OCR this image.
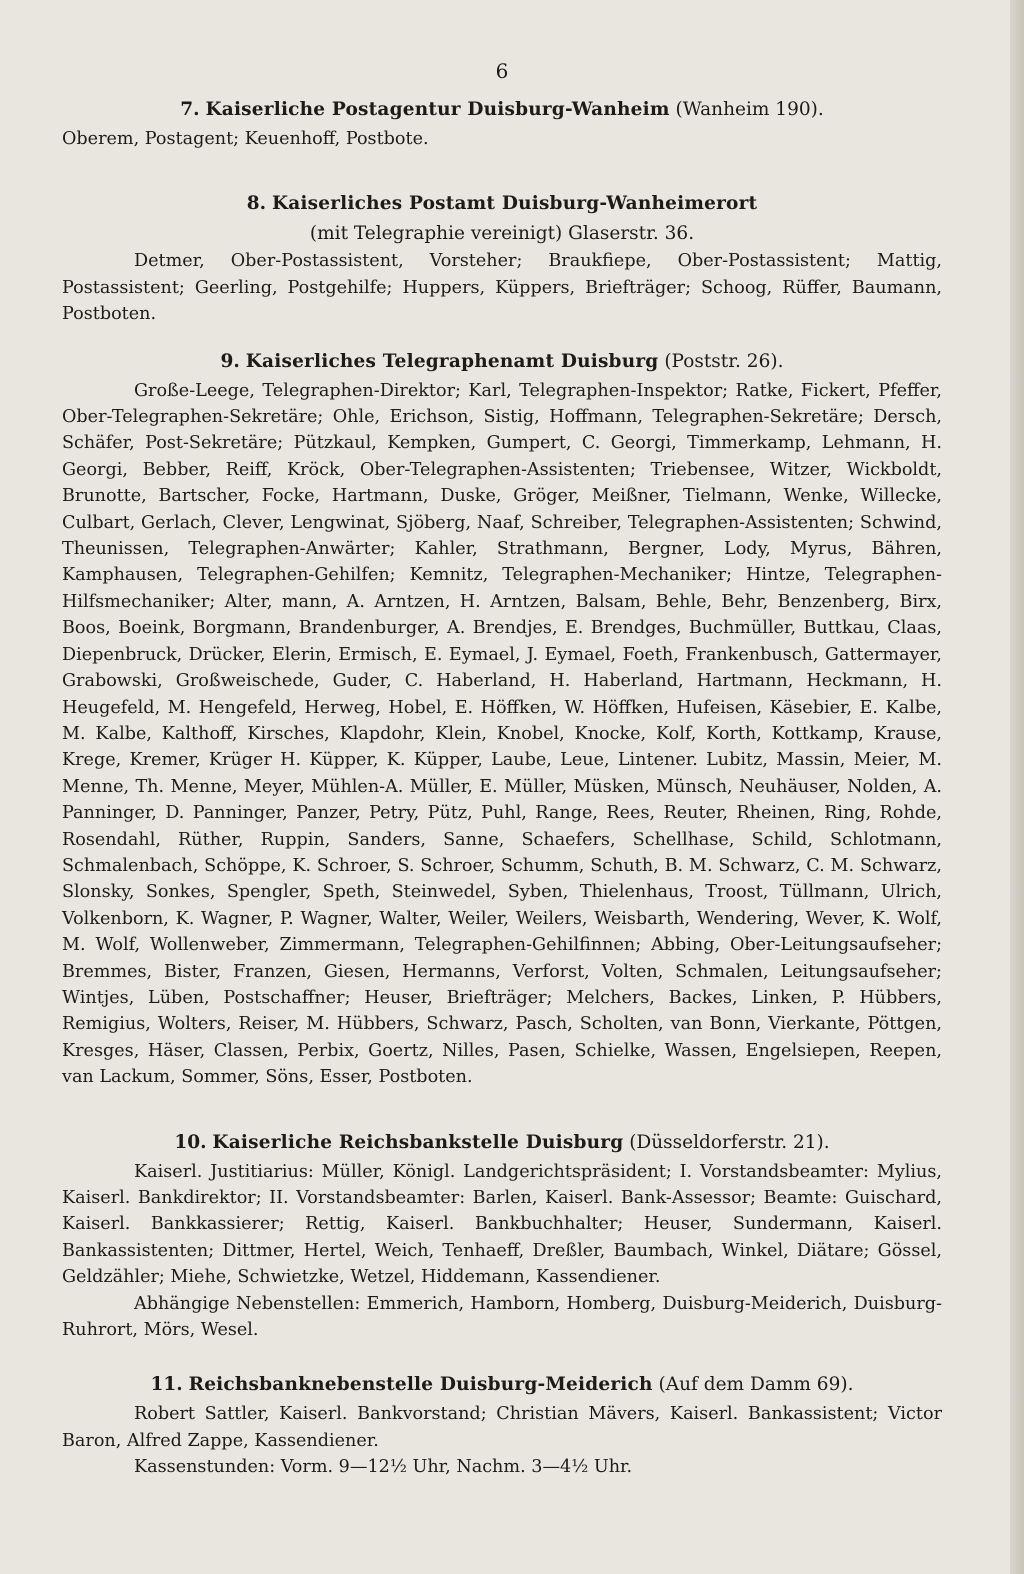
6

7. Kaiserliche Postagentur Duisburg-Wanheim (Wanheim 190).

Oberem, Postagent; Keuenhoff, Postbote.

8. Kaiserliches Postamt Duisburg-Wanheimerort

(mit Telegraphie vereinigt) Glaserstr. 36.

Detmer, Ober-Postassistent, Vorsteher; Braukfiepe, Ober-Postassistent; Mattig, Postassistent; Geerling, Postgehilfe; Huppers, Küppers, Briefträger; Schoog, Rüffer, Baumann, Postboten.

9. Kaiserliches Telegraphenamt Duisburg (Poststr. 26).

Große-Leege, Telegraphen-Direktor; Karl, Telegraphen-Inspektor; Ratke, Fickert, Pfeffer, Ober-Telegraphen-Sekretäre; Ohle, Erichson, Sistig, Hoffmann, Telegraphen-Sekretäre; Dersch, Schäfer, Post-Sekretäre; Pützkaul, Kempken, Gumpert, C. Georgi, Timmerkamp, Lehmann, H. Georgi, Bebber, Reiff, Kröck, Ober-Telegraphen-Assistenten; Triebensee, Witzer, Wickboldt, Brunotte, Bartscher, Focke, Hartmann, Duske, Gröger, Meißner, Tielmann, Wenke, Willecke, Culbart, Gerlach, Clever, Lengwinat, Sjöberg, Naaf, Schreiber, Telegraphen-Assistenten; Schwind, Theunissen, Telegraphen-Anwärter; Kahler, Strathmann, Bergner, Lody, Myrus, Bähren, Kamphausen, Telegraphen-Gehilfen; Kemnitz, Telegraphen-Mechaniker; Hintze, Telegraphen-Hilfsmechaniker; Alter, mann, A. Arntzen, H. Arntzen, Balsam, Behle, Behr, Benzenberg, Birx, Boos, Boeink, Borgmann, Brandenburger, A. Brendjes, E. Brendges, Buchmüller, Buttkau, Claas, Diepenbruck, Drücker, Elerin, Ermisch, E. Eymael, J. Eymael, Foeth, Frankenbusch, Gattermayer, Grabowski, Großweischede, Guder, C. Haberland, H. Haberland, Hartmann, Heckmann, H. Heugefeld, M. Hengefeld, Herweg, Hobel, E. Höffken, W. Höffken, Hufeisen, Käsebier, E. Kalbe, M. Kalbe, Kalthoff, Kirsches, Klapdohr, Klein, Knobel, Knocke, Kolf, Korth, Kottkamp, Krause, Krege, Kremer, Krüger H. Küpper, K. Küpper, Laube, Leue, Lintener. Lubitz, Massin, Meier, M. Menne, Th. Menne, Meyer, Mühlen-A. Müller, E. Müller, Müsken, Münsch, Neuhäuser, Nolden, A. Panninger, D. Panninger, Panzer, Petry, Pütz, Puhl, Range, Rees, Reuter, Rheinen, Ring, Rohde, Rosendahl, Rüther, Ruppin, Sanders, Sanne, Schaefers, Schellhase, Schild, Schlotmann, Schmalenbach, Schöppe, K. Schroer, S. Schroer, Schumm, Schuth, B. M. Schwarz, C. M. Schwarz, Slonsky, Sonkes, Spengler, Speth, Steinwedel, Syben, Thielenhaus, Troost, Tüllmann, Ulrich, Volkenborn, K. Wagner, P. Wagner, Walter, Weiler, Weilers, Weisbarth, Wendering, Wever, K. Wolf, M. Wolf, Wollenweber, Zimmermann, Telegraphen-Gehilfinnen; Abbing, Ober-Leitungsaufseher; Bremmes, Bister, Franzen, Giesen, Hermanns, Verforst, Volten, Schmalen, Leitungsaufseher; Wintjes, Lüben, Postschaffner; Heuser, Briefträger; Melchers, Backes, Linken, P. Hübbers, Remigius, Wolters, Reiser, M. Hübbers, Schwarz, Pasch, Scholten, van Bonn, Vierkante, Pöttgen, Kresges, Häser, Classen, Perbix, Goertz, Nilles, Pasen, Schielke, Wassen, Engelsiepen, Reepen, van Lackum, Sommer, Söns, Esser, Postboten.

10. Kaiserliche Reichsbankstelle Duisburg (Düsseldorferstr. 21).

Kaiserl. Justitiarius: Müller, Königl. Landgerichtspräsident; I. Vorstandsbeamter: Mylius, Kaiserl. Bankdirektor; II. Vorstandsbeamter: Barlen, Kaiserl. Bank-Assessor; Beamte: Guischard, Kaiserl. Bankkassierer; Rettig, Kaiserl. Bankbuchhalter; Heuser, Sundermann, Kaiserl. Bankassistenten; Dittmer, Hertel, Weich, Tenhaeff, Dreßler, Baumbach, Winkel, Diätare; Gössel, Geldzähler; Miehe, Schwietzke, Wetzel, Hiddemann, Kassendiener.

Abhängige Nebenstellen: Emmerich, Hamborn, Homberg, Duisburg-Meiderich, Duisburg-Ruhrort, Mörs, Wesel.

11. Reichsbanknebenstelle Duisburg-Meiderich (Auf dem Damm 69).

Robert Sattler, Kaiserl. Bankvorstand; Christian Mävers, Kaiserl. Bankassistent; Victor Baron, Alfred Zappe, Kassendiener.

Kassenstunden: Vorm. 9—12½ Uhr, Nachm. 3—4½ Uhr.
